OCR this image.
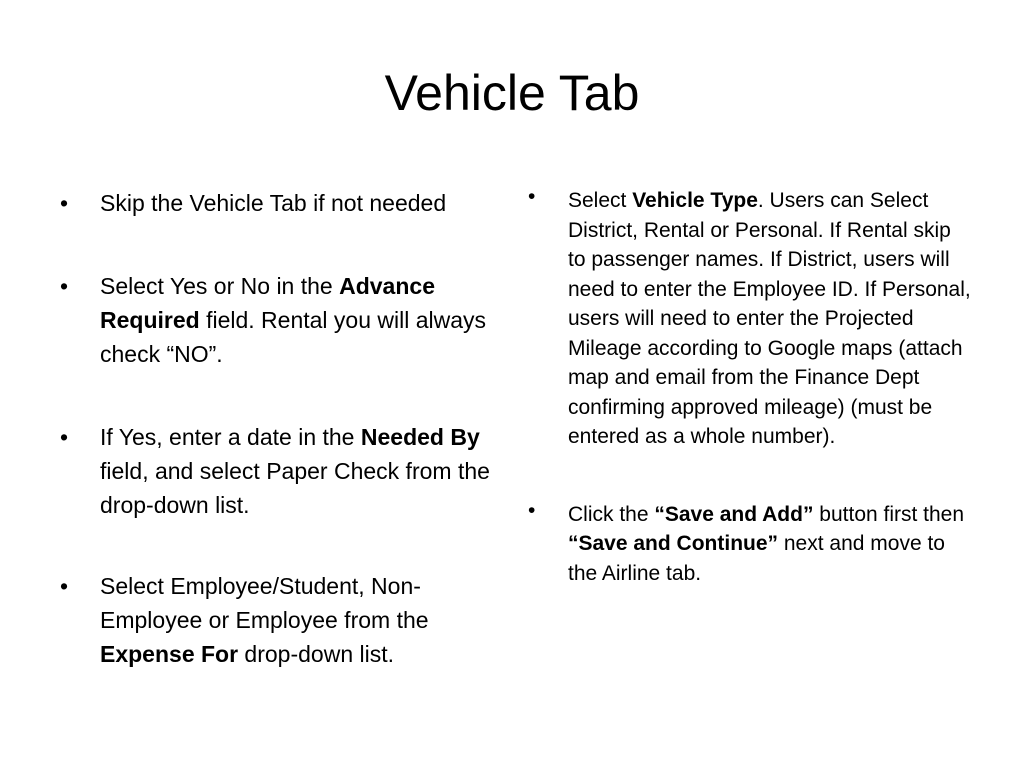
Vehicle Tab
•	Skip the Vehicle Tab if not needed
•	Select Yes or No in the Advance Required field. Rental you will always check “NO”.
•	If Yes, enter a date in the Needed By field, and select Paper Check from the drop-down list.
•	Select Employee/Student, Non-Employee or Employee from the Expense For drop-down list.
•	Select Vehicle Type. Users can Select District, Rental or Personal. If Rental skip to passenger names. If District, users will need to enter the Employee ID. If Personal, users will need to enter the Projected Mileage according to Google maps (attach map and email from the Finance Dept confirming approved mileage) (must be entered as a whole number).
•	Click the “Save and Add” button first then “Save and Continue” next and move to the Airline tab.
